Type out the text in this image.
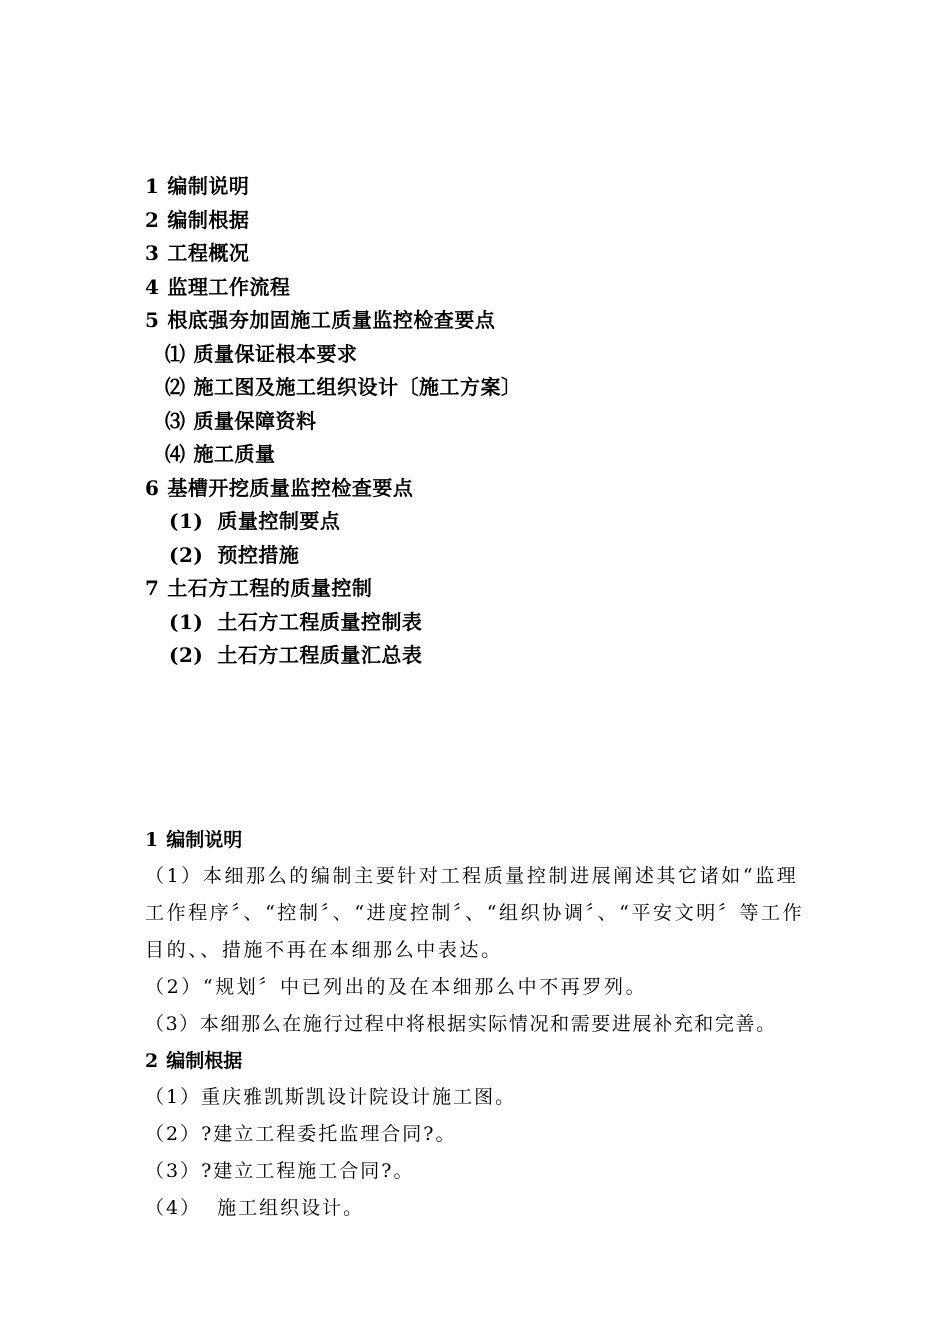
1 编制说明
2 编制根据
3 工程概况
4 监理工作流程
5 根底强夯加固施工质量监控检查要点
⑴ 质量保证根本要求
⑵ 施工图及施工组织设计〔施工方案〕
⑶ 质量保障资料
⑷ 施工质量
6 基槽开挖质量监控检查要点
(1) 质量控制要点
(2) 预控措施
7 土石方工程的质量控制
(1) 土石方工程质量控制表
(2) 土石方工程质量汇总表
1 编制说明
（1）本细那么的编制主要针对工程质量控制进展阐述其它诸如“监理工作程序〞、“控制〞、“进度控制〞、“组织协调〞、“平安文明〞等工作目的、、措施不再在本细那么中表达。
（2）“规划〞中已列出的及在本细那么中不再罗列。
（3）本细那么在施行过程中将根据实际情况和需要进展补充和完善。
2 编制根据
（1）重庆雅凯斯凯设计院设计施工图。
（2）?建立工程委托监理合同?。
（3）?建立工程施工合同?。
（4）  施工组织设计。
